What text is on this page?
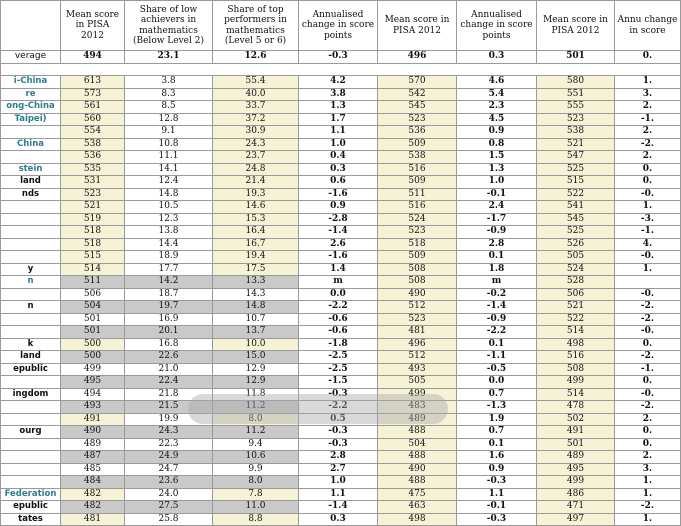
	Mean score in PISA 2012	Share of low achievers in mathematics (Below Level 2)	Share of top performers in mathematics (Level 5 or 6)	Annualised change in score points	Mean score in PISA 2012	Annualised change in score points	Mean score in PISA 2012	Annu change in score
verage	494	23.1	12.6	-0.3	496	0.3	501	0.

i-China	613	3.8	55.4	4.2	570	4.6	580	1.
re	573	8.3	40.0	3.8	542	5.4	551	3.
ong-China	561	8.5	33.7	1.3	545	2.3	555	2.
Taipei)	560	12.8	37.2	1.7	523	4.5	523	-1.
	554	9.1	30.9	1.1	536	0.9	538	2.
China	538	10.8	24.3	1.0	509	0.8	521	-2.
	536	11.1	23.7	0.4	538	1.5	547	2.
stein	535	14.1	24.8	0.3	516	1.3	525	0.
land	531	12.4	21.4	0.6	509	1.0	515	0.
nds	523	14.8	19.3	-1.6	511	-0.1	522	-0.
	521	10.5	14.6	0.9	516	2.4	541	1.
	519	12.3	15.3	-2.8	524	-1.7	545	-3.
	518	13.8	16.4	-1.4	523	-0.9	525	-1.
	518	14.4	16.7	2.6	518	2.8	526	4.
	515	18.9	19.4	-1.6	509	0.1	505	-0.
y	514	17.7	17.5	1.4	508	1.8	524	1.
n	511	14.2	13.3	m	508	m	528	
	506	18.7	14.3	0.0	490	-0.2	506	-0.
n	504	19.7	14.8	-2.2	512	-1.4	521	-2.
	501	16.9	10.7	-0.6	523	-0.9	522	-2.
	501	20.1	13.7	-0.6	481	-2.2	514	-0.
k	500	16.8	10.0	-1.8	496	0.1	498	0.
land	500	22.6	15.0	-2.5	512	-1.1	516	-2.
epublic	499	21.0	12.9	-2.5	493	-0.5	508	-1.
	495	22.4	12.9	-1.5	505	0.0	499	0.
ingdom	494	21.8	11.8	-0.3	499	0.7	514	-0.
	493	21.5	11.2	-2.2	483	-1.3	478	-2.
	491	19.9	8.0	0.5	489	1.9	502	2.
ourg	490	24.3	11.2	-0.3	488	0.7	491	0.
	489	22.3	9.4	-0.3	504	0.1	501	0.
	487	24.9	10.6	2.8	488	1.6	489	2.
	485	24.7	9.9	2.7	490	0.9	495	3.
	484	23.6	8.0	1.0	488	-0.3	499	1.
Federation	482	24.0	7.8	1.1	475	1.1	486	1.
epublic	482	27.5	11.0	-1.4	463	-0.1	471	-2.
tates	481	25.8	8.8	0.3	498	-0.3	497	1.
